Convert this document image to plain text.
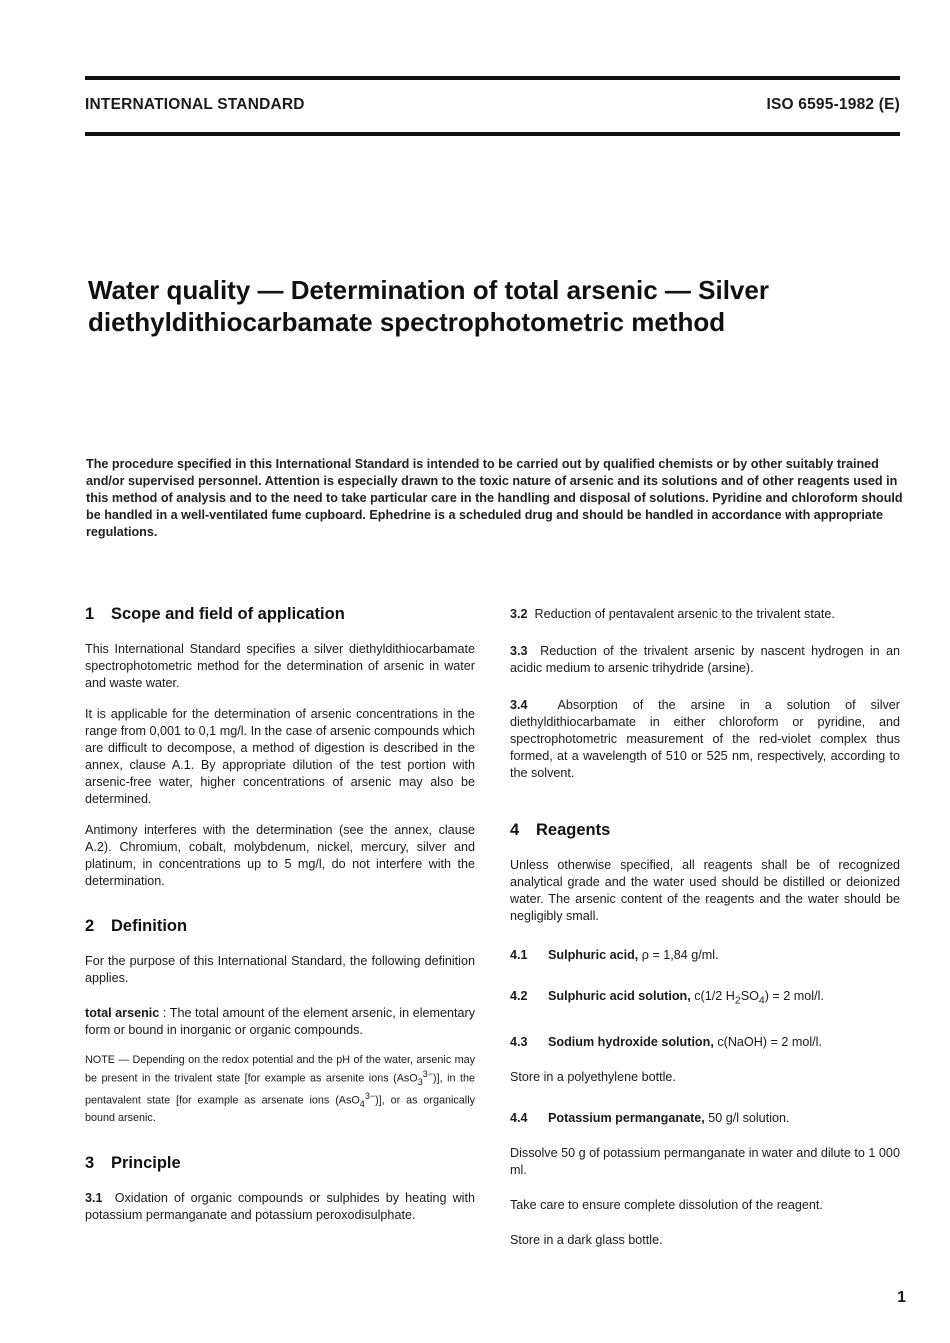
INTERNATIONAL STANDARD	ISO 6595-1982 (E)
Water quality — Determination of total arsenic — Silver diethyldithiocarbamate spectrophotometric method

The procedure specified in this International Standard is intended to be carried out by qualified chemists or by other suitably trained and/or supervised personnel. Attention is especially drawn to the toxic nature of arsenic and its solutions and of other reagents used in this method of analysis and to the need to take particular care in the handling and disposal of solutions. Pyridine and chloroform should be handled in a well-ventilated fume cupboard. Ephedrine is a scheduled drug and should be handled in accordance with appropriate regulations.

1 Scope and field of application

This International Standard specifies a silver diethyldithiocarbamate spectrophotometric method for the determination of arsenic in water and waste water.

It is applicable for the determination of arsenic concentrations in the range from 0,001 to 0,1 mg/l. In the case of arsenic compounds which are difficult to decompose, a method of digestion is described in the annex, clause A.1. By appropriate dilution of the test portion with arsenic-free water, higher concentrations of arsenic may also be determined.

Antimony interferes with the determination (see the annex, clause A.2). Chromium, cobalt, molybdenum, nickel, mercury, silver and platinum, in concentrations up to 5 mg/l, do not interfere with the determination.

2 Definition

For the purpose of this International Standard, the following definition applies.

total arsenic : The total amount of the element arsenic, in elementary form or bound in inorganic or organic compounds.

NOTE — Depending on the redox potential and the pH of the water, arsenic may be present in the trivalent state [for example as arsenite ions (AsO$_3^{3-}$)], in the pentavalent state [for example as arsenate ions (AsO$_4^{3-}$)], or as organically bound arsenic.

3 Principle

3.1 Oxidation of organic compounds or sulphides by heating with potassium permanganate and potassium peroxodisulphate.

3.2 Reduction of pentavalent arsenic to the trivalent state.

3.3 Reduction of the trivalent arsenic by nascent hydrogen in an acidic medium to arsenic trihydride (arsine).

3.4 Absorption of the arsine in a solution of silver diethyldithiocarbamate in either chloroform or pyridine, and spectrophotometric measurement of the red-violet complex thus formed, at a wavelength of 510 or 525 nm, respectively, according to the solvent.

4 Reagents

Unless otherwise specified, all reagents shall be of recognized analytical grade and the water used should be distilled or deionized water. The arsenic content of the reagents and the water should be negligibly small.

4.1 Sulphuric acid, ρ = 1,84 g/ml.

4.2 Sulphuric acid solution, c(1/2 $H_2SO_4) = 2$ mol/l.

4.3 Sodium hydroxide solution, c(NaOH) = 2 mol/l.

Store in a polyethylene bottle.

4.4 Potassium permanganate, 50 g/l solution.

Dissolve 50 g of potassium permanganate in water and dilute to 1 000 ml.

Take care to ensure complete dissolution of the reagent.

Store in a dark glass bottle.

1
